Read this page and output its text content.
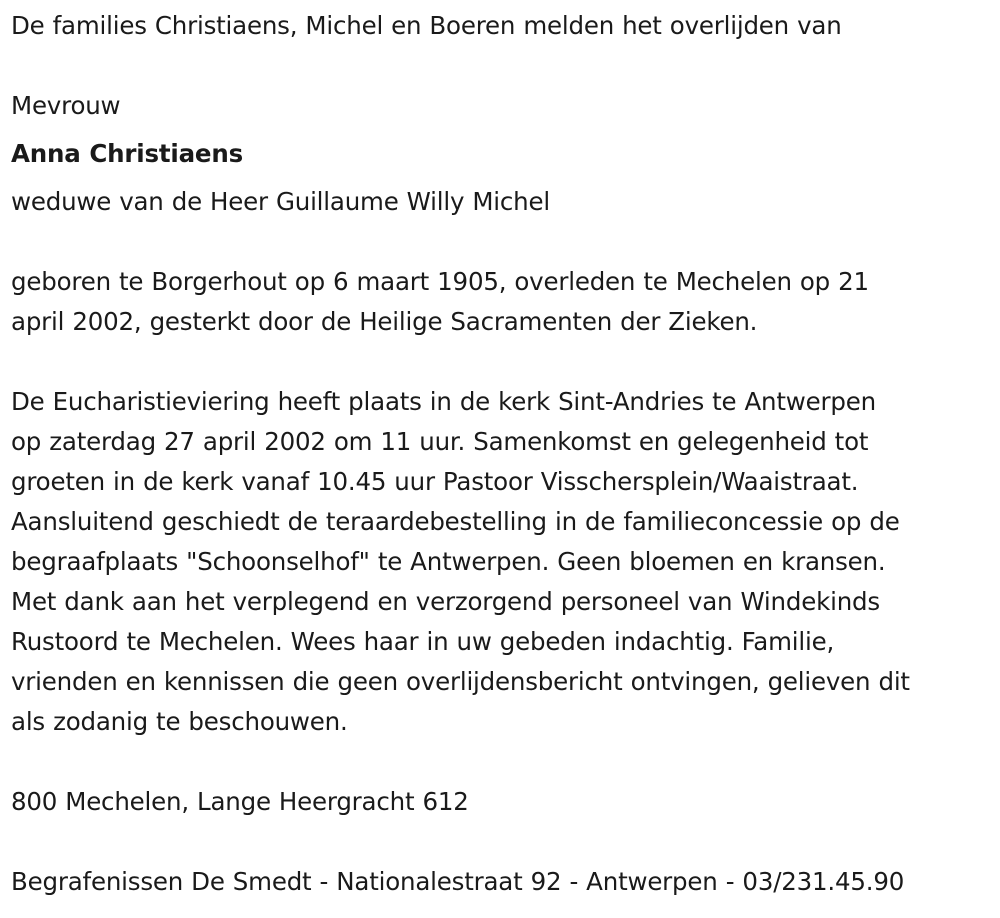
De families Christiaens, Michel en Boeren melden het overlijden van
Mevrouw
Anna Christiaens
weduwe van de Heer Guillaume Willy Michel
geboren te Borgerhout op 6 maart 1905, overleden te Mechelen op 21
april 2002, gesterkt door de Heilige Sacramenten der Zieken.
De Eucharistieviering heeft plaats in de kerk Sint-Andries te Antwerpen
op zaterdag 27 april 2002 om 11 uur. Samenkomst en gelegenheid tot
groeten in de kerk vanaf 10.45 uur Pastoor Visschersplein/Waaistraat.
Aansluitend geschiedt de teraardebestelling in de familieconcessie op de
begraafplaats "Schoonselhof" te Antwerpen. Geen bloemen en kransen.
Met dank aan het verplegend en verzorgend personeel van Windekinds
Rustoord te Mechelen. Wees haar in uw gebeden indachtig. Familie,
vrienden en kennissen die geen overlijdensbericht ontvingen, gelieven dit
als zodanig te beschouwen.
800 Mechelen, Lange Heergracht 612
Begrafenissen De Smedt - Nationalestraat 92 - Antwerpen - 03/231.45.90
